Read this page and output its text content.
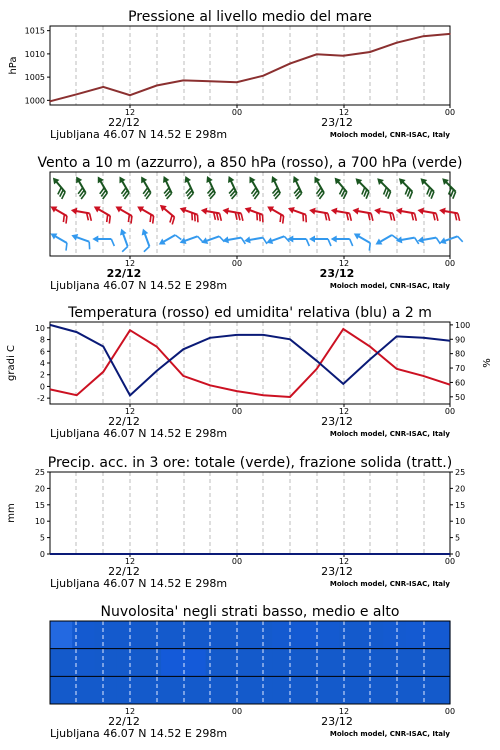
Pressione al livello medio del mare
12	00	12	00
22/12	23/12
Ljubljana 46.07 N 14.52 E 298m	Moloch model, CNR-ISAC, Italy
1000
1005
1010
1015
hPa
Vento a 10 m (azzurro), a 850 hPa (rosso), a 700 hPa (verde)
12	00	12	00
22/12	23/12
Ljubljana 46.07 N 14.52 E 298m	Moloch model, CNR-ISAC, Italy
Temperatura (rosso) ed umidita' relativa (blu) a 2 m
12	00	12	00
22/12	23/12
Ljubljana 46.07 N 14.52 E 298m	Moloch model, CNR-ISAC, Italy
-2
0
2
4
6
8
10
50
60
70
80
90
100
gradi C	%
Precip. acc. in 3 ore: totale (verde), frazione solida (tratt.)
12	00	12	00
22/12	23/12
Ljubljana 46.07 N 14.52 E 298m	Moloch model, CNR-ISAC, Italy
0
5
10
15
20
25
0
5
10
15
20
25
mm
Nuvolosita' negli strati basso, medio e alto
12	00	12	00
22/12	23/12
Ljubljana 46.07 N 14.52 E 298m	Moloch model, CNR-ISAC, Italy
